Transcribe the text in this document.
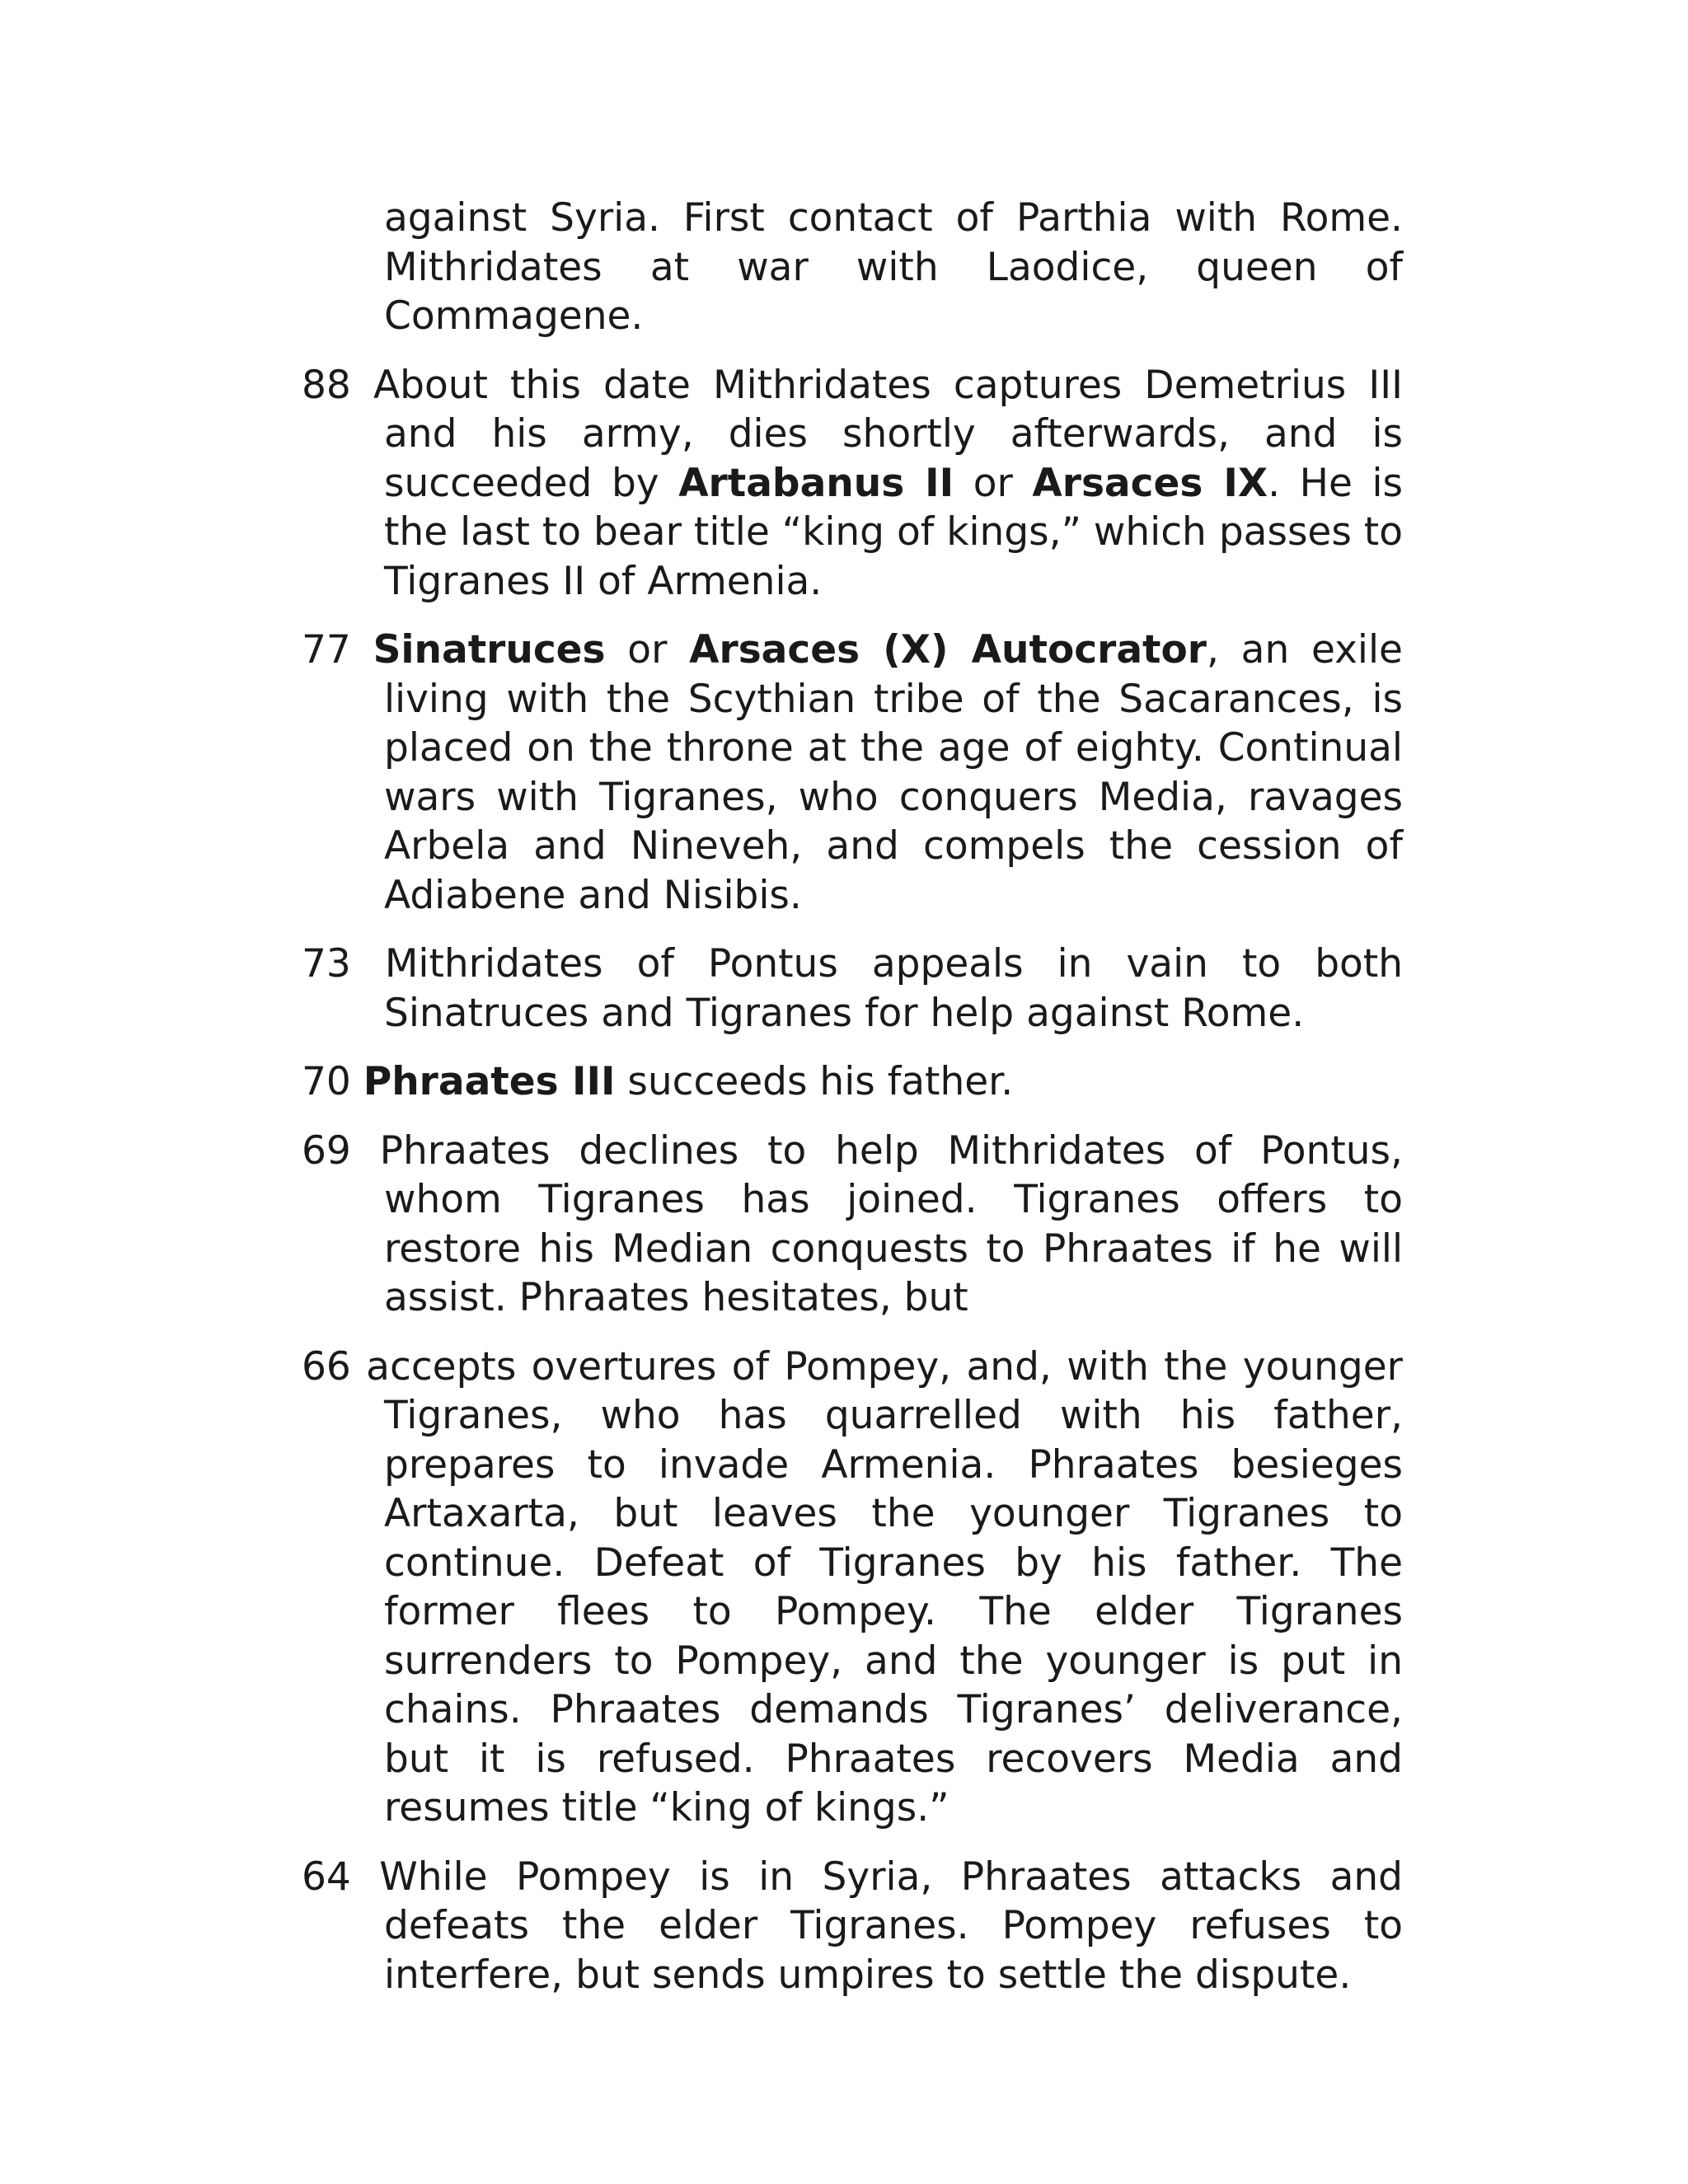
against Syria. First contact of Parthia with Rome. Mithridates at war with Laodice, queen of Commagene.

88 About this date Mithridates captures Demetrius III and his army, dies shortly afterwards, and is succeeded by Artabanus II or Arsaces IX. He is the last to bear title “king of kings,” which passes to Tigranes II of Armenia.

77 Sinatruces or Arsaces (X) Autocrator, an exile living with the Scythian tribe of the Sacarances, is placed on the throne at the age of eighty. Continual wars with Tigranes, who conquers Media, ravages Arbela and Nineveh, and compels the cession of Adiabene and Nisibis.

73 Mithridates of Pontus appeals in vain to both Sinatruces and Tigranes for help against Rome.

70 Phraates III succeeds his father.

69 Phraates declines to help Mithridates of Pontus, whom Tigranes has joined. Tigranes offers to restore his Median conquests to Phraates if he will assist. Phraates hesitates, but

66 accepts overtures of Pompey, and, with the younger Tigranes, who has quarrelled with his father, prepares to invade Armenia. Phraates besieges Artaxarta, but leaves the younger Tigranes to continue. Defeat of Tigranes by his father. The former flees to Pompey. The elder Tigranes surrenders to Pompey, and the younger is put in chains. Phraates demands Tigranes’ deliverance, but it is refused. Phraates recovers Media and resumes title “king of kings.”

64 While Pompey is in Syria, Phraates attacks and defeats the elder Tigranes. Pompey refuses to interfere, but sends umpires to settle the dispute.
